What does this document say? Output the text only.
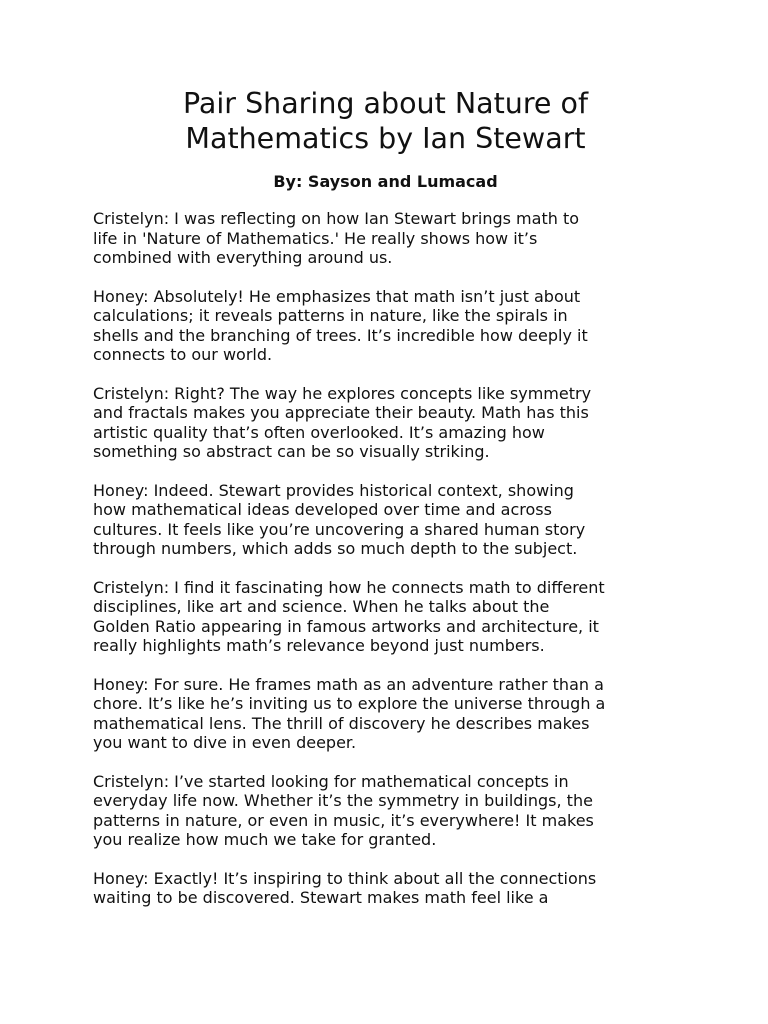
Pair Sharing about Nature of
Mathematics by Ian Stewart

By: Sayson and Lumacad

Cristelyn: I was reflecting on how Ian Stewart brings math to
life in 'Nature of Mathematics.' He really shows how it’s
combined with everything around us.

Honey: Absolutely! He emphasizes that math isn’t just about
calculations; it reveals patterns in nature, like the spirals in
shells and the branching of trees. It’s incredible how deeply it
connects to our world.

Cristelyn: Right? The way he explores concepts like symmetry
and fractals makes you appreciate their beauty. Math has this
artistic quality that’s often overlooked. It’s amazing how
something so abstract can be so visually striking.

Honey: Indeed. Stewart provides historical context, showing
how mathematical ideas developed over time and across
cultures. It feels like you’re uncovering a shared human story
through numbers, which adds so much depth to the subject.

Cristelyn: I find it fascinating how he connects math to different
disciplines, like art and science. When he talks about the
Golden Ratio appearing in famous artworks and architecture, it
really highlights math’s relevance beyond just numbers.

Honey: For sure. He frames math as an adventure rather than a
chore. It’s like he’s inviting us to explore the universe through a
mathematical lens. The thrill of discovery he describes makes
you want to dive in even deeper.

Cristelyn: I’ve started looking for mathematical concepts in
everyday life now. Whether it’s the symmetry in buildings, the
patterns in nature, or even in music, it’s everywhere! It makes
you realize how much we take for granted.

Honey: Exactly! It’s inspiring to think about all the connections
waiting to be discovered. Stewart makes math feel like a
